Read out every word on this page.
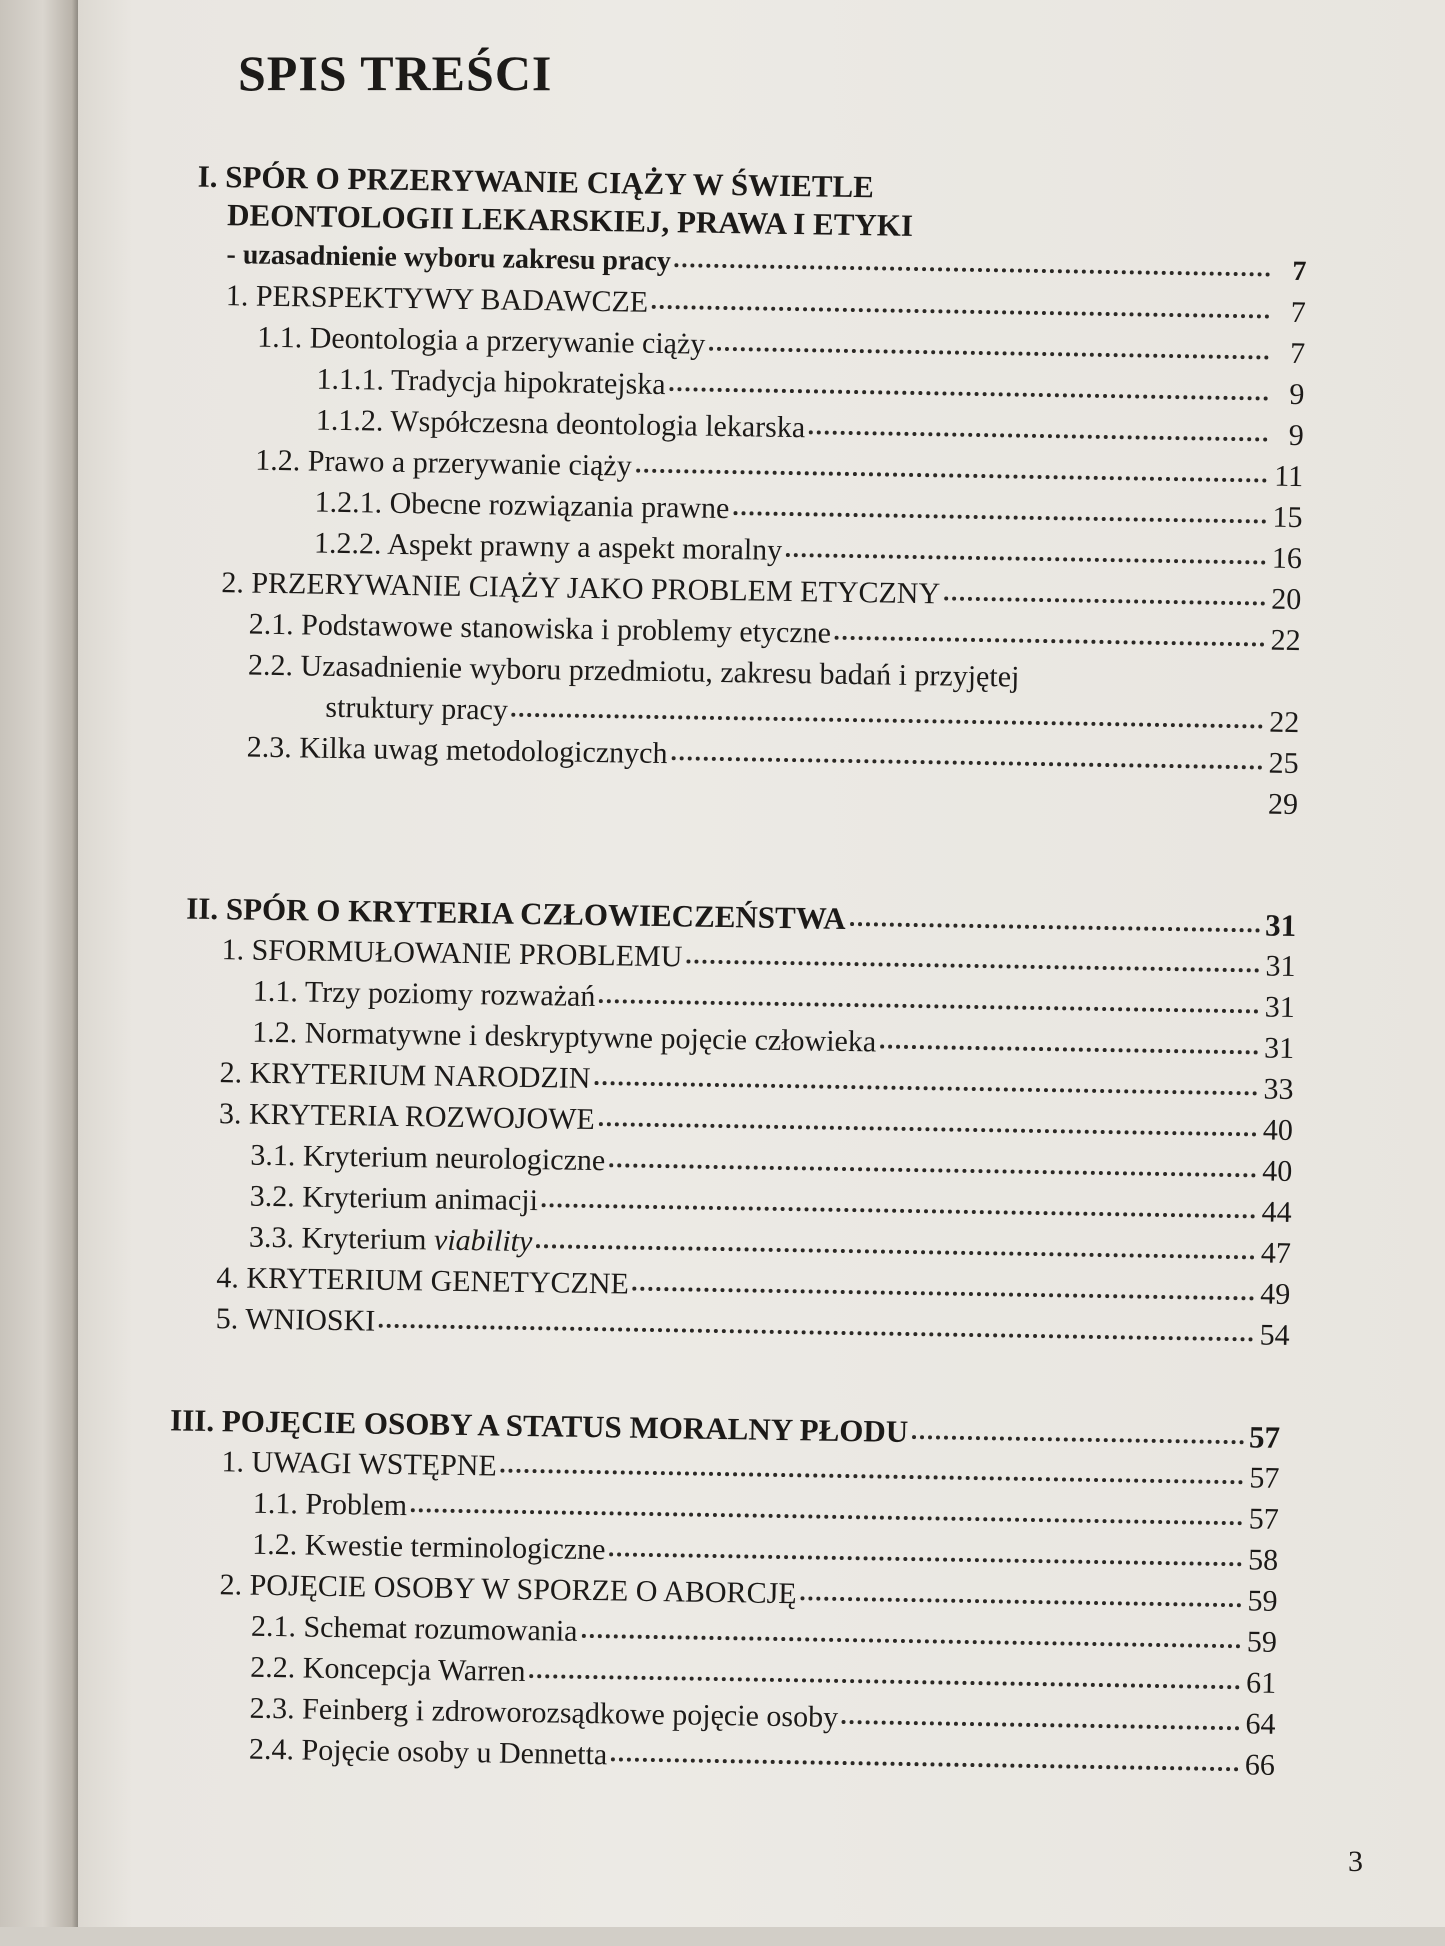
SPIS TREŚCI

I. SPÓR O PRZERYWANIE CIĄŻY W ŚWIETLE
DEONTOLOGII LEKARSKIEJ, PRAWA I ETYKI

- uzasadnienie wyboru zakresu pracy	7
1. PERSPEKTYWY BADAWCZE	7
1.1. Deontologia a przerywanie ciąży	7
1.1.1. Tradycja hipokratejska	9
1.1.2. Współczesna deontologia lekarska	9
1.2. Prawo a przerywanie ciąży	11
1.2.1. Obecne rozwiązania prawne	15
1.2.2. Aspekt prawny a aspekt moralny	16
2. PRZERYWANIE CIĄŻY JAKO PROBLEM ETYCZNY	20
2.1. Podstawowe stanowiska i problemy etyczne	22
2.2. Uzasadnienie wyboru przedmiotu, zakresu badań i przyjętej
struktury pracy	22
2.3. Kilka uwag metodologicznych	25
29
II. SPÓR O KRYTERIA CZŁOWIECZEŃSTWA	31
1. SFORMUŁOWANIE PROBLEMU	31
1.1. Trzy poziomy rozważań	31
1.2. Normatywne i deskryptywne pojęcie człowieka	31
2. KRYTERIUM NARODZIN	33
3. KRYTERIA ROZWOJOWE	40
3.1. Kryterium neurologiczne	40
3.2. Kryterium animacji	44
3.3. Kryterium viability	47
4. KRYTERIUM GENETYCZNE	49
5. WNIOSKI	54
III. POJĘCIE OSOBY A STATUS MORALNY PŁODU	57
1. UWAGI WSTĘPNE	57
1.1. Problem	57
1.2. Kwestie terminologiczne	58
2. POJĘCIE OSOBY W SPORZE O ABORCJĘ	59
2.1. Schemat rozumowania	59
2.2. Koncepcja Warren	61
2.3. Feinberg i zdroworozsądkowe pojęcie osoby	64
2.4. Pojęcie osoby u Dennetta	66

3
